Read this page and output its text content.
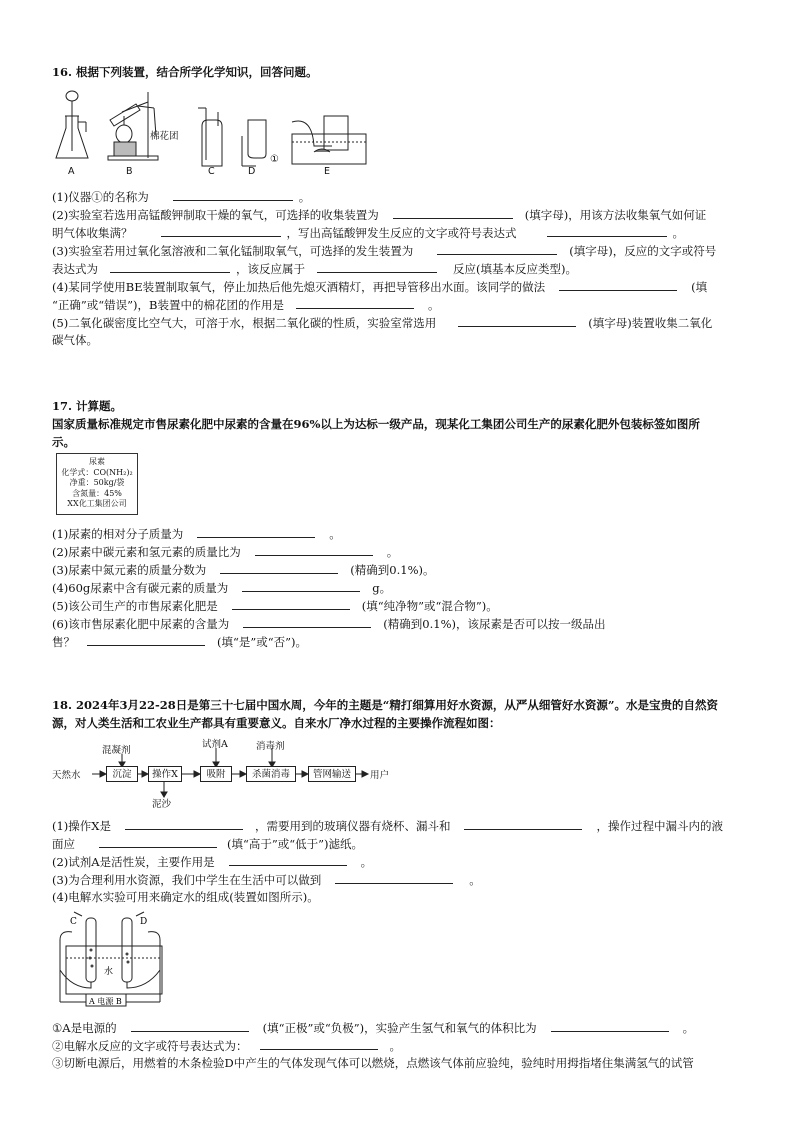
16. 根据下列装置，结合所学化学知识，回答问题。
①
A	B	C	D	E
棉花团
(1)仪器①的名称为	。
(2)实验室若选用高锰酸钾制取干燥的氧气，可选择的收集装置为	(填字母)，用该方法收集氧气如何证
明气体收集满？	，写出高锰酸钾发生反应的文字或符号表达式	。
(3)实验室若用过氧化氢溶液和二氧化锰制取氧气，可选择的发生装置为	(填字母)，反应的文字或符号
表达式为	，该反应属于	反应(填基本反应类型)。
(4)某同学使用BE装置制取氧气，停止加热后他先熄灭酒精灯，再把导管移出水面。该同学的做法	(填
“正确”或“错误”)，B装置中的棉花团的作用是	。
(5)二氧化碳密度比空气大，可溶于水，根据二氧化碳的性质，实验室常选用	(填字母)装置收集二氧化
碳气体。
17. 计算题。
国家质量标准规定市售尿素化肥中尿素的含量在96%以上为达标一级产品，现某化工集团公司生产的尿素化肥外包装标签如图所
示。
尿素
化学式：CO(NH₂)₂
净重：50kg/袋
含氮量：45%
XX化工集团公司
(1)尿素的相对分子质量为	。
(2)尿素中碳元素和氢元素的质量比为	。
(3)尿素中氮元素的质量分数为	(精确到0.1%)。
(4)60g尿素中含有碳元素的质量为	g。
(5)该公司生产的市售尿素化肥是	(填“纯净物”或“混合物”)。
(6)该市售尿素化肥中尿素的含量为	(精确到0.1%)，该尿素是否可以按一级品出
售？	(填“是”或“否”)。
18. 2024年3月22-28日是第三十七届中国水周，今年的主题是“精打细算用好水资源，从严从细管好水资源”。水是宝贵的自然资
源，对人类生活和工农业生产都具有重要意义。自来水厂净水过程的主要操作流程如图：
天然水	沉淀	操作X	吸附	杀菌消毒	管网输送	用户
混凝剂
试剂A	消毒剂
泥沙
(1)操作X是	，需要用到的玻璃仪器有烧杯、漏斗和	，操作过程中漏斗内的液
面应	(填“高于”或“低于”)滤纸。
(2)试剂A是活性炭，主要作用是	。
(3)为合理利用水资源，我们中学生在生活中可以做到	。
(4)电解水实验可用来确定水的组成(装置如图所示)。
水
C	D
A 电源 B
①A是电源的	(填“正极”或“负极”)，实验产生氢气和氧气的体积比为	。
②电解水反应的文字或符号表达式为：	。
③切断电源后，用燃着的木条检验D中产生的气体发现气体可以燃烧，点燃该气体前应验纯，验纯时用拇指堵住集满氢气的试管
